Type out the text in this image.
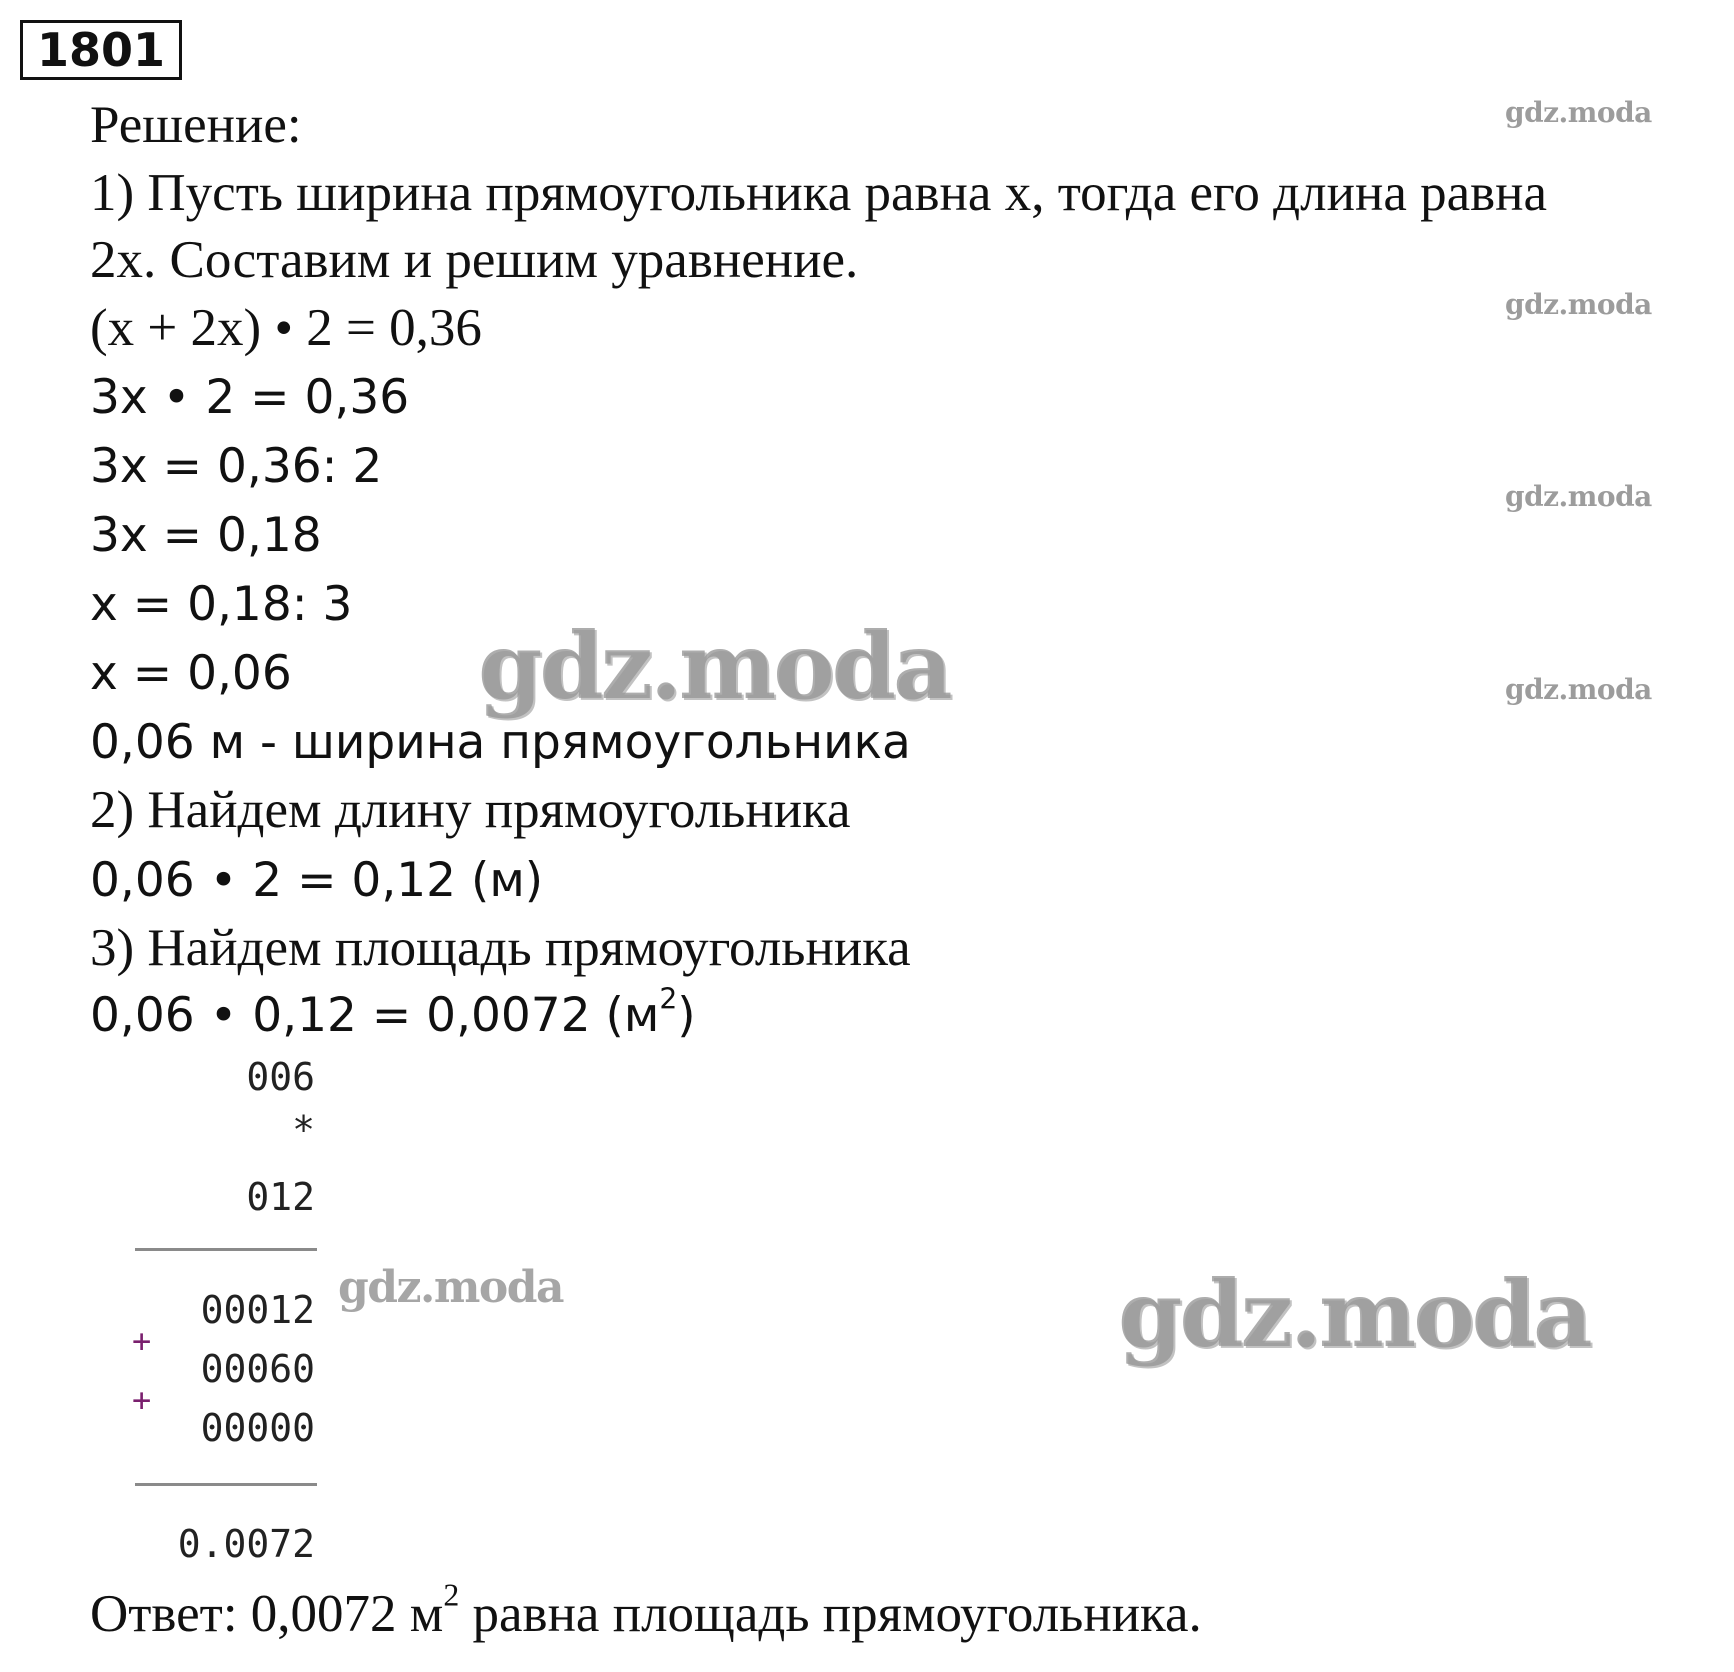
1801
Решение:
1) Пусть ширина прямоугольника равна х, тогда его длина равна
2х. Составим и решим уравнение.
(х + 2х) • 2 = 0,36
3х • 2 = 0,36
3х = 0,36: 2
3х = 0,18
х = 0,18: 3
х = 0,06
0,06 м - ширина прямоугольника
2) Найдем длину прямоугольника
0,06 • 2 = 0,12 (м)
3) Найдем площадь прямоугольника
0,06 • 0,12 = 0,0072 $(м^2)$
006
*
012
00012
+
00060
+
00000
0.0072
Ответ: 0,0072 $м^2$ равна площадь прямоугольника.
gdz.moda
gdz.moda
gdz.moda
gdz.moda
gdz.moda
gdz.moda	gdz.moda
